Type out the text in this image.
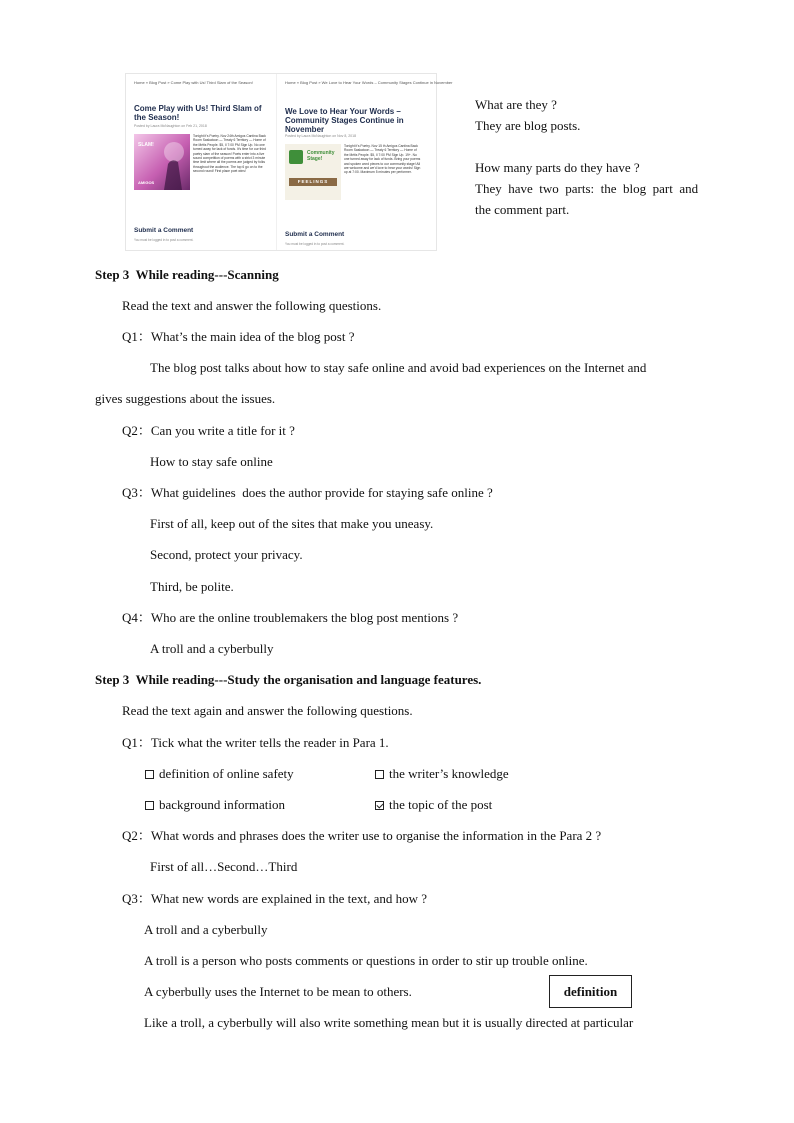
Home » Blog Post » Come Play with Us! Third Slam of the Season!
Come Play with Us! Third Slam of the Season!
Posted by Laura McNaughton on Feb 21, 2018
SLAM!
AMIGOS
Tonight it's Poetry. Nov 24th Amigos Cantina Back Room Saskatoon — Treaty 6 Territory — Home of the Métis People. $5, Il 7:00 PM Sign Up. No one turned away for lack of funds. It's time for our third poetry slam of the season! Poets enter into a live sound competition of poems with a strict 3 minute time limit where all the poems are judged by folks throughout the audience. The top 6 go on to the second round! First place poet wins!
Submit a Comment
You must be logged in to post a comment.
Home » Blog Post » We Love to Hear Your Words – Community Stages Continue in November
We Love to Hear Your Words – Community Stages Continue in November
Posted by Laura McNaughton on Nov 8, 2018
Community Stage!
FEELINGS
Tonight it's Poetry. Nov 15 th Amigos Cantina Back Room Saskatoon — Treaty 6 Territory — Home of the Métis People. $5, Il 7:00 PM Sign Up. 19+. No one turned away for lack of funds. Bring your poems and spoken word pieces to our community stage! All are welcome and we'd love to hear your words! Sign up at 7:00. Maximum 5 minutes per performer.
Submit a Comment
You must be logged in to post a comment.
What are they ?
They are blog posts.
How many parts do they have ?
They  have  two  parts:  the  blog  part  and
the comment part.
Step 3  While reading---Scanning
Read the text and answer the following questions.
Q1：What’s the main idea of the blog post ?
The blog post talks about how to stay safe online and avoid bad experiences on the Internet and
gives suggestions about the issues.
Q2：Can you write a title for it ?
How to stay safe online
Q3：What guidelines  does the author provide for staying safe online ?
First of all, keep out of the sites that make you uneasy.
Second, protect your privacy.
Third, be polite.
Q4：Who are the online troublemakers the blog post mentions ?
A troll and a cyberbully
Step 3  While reading---Study the organisation and language features.
Read the text again and answer the following questions.
Q1：Tick what the writer tells the reader in Para 1.
definition of online safety	the writer’s knowledge
background information	the topic of the post
Q2：What words and phrases does the writer use to organise the information in the Para 2 ?
First of all…Second…Third
Q3：What new words are explained in the text, and how ?
A troll and a cyberbully
A troll is a person who posts comments or questions in order to stir up trouble online.
A cyberbully uses the Internet to be mean to others.	definition
Like a troll, a cyberbully will also write something mean but it is usually directed at particular
